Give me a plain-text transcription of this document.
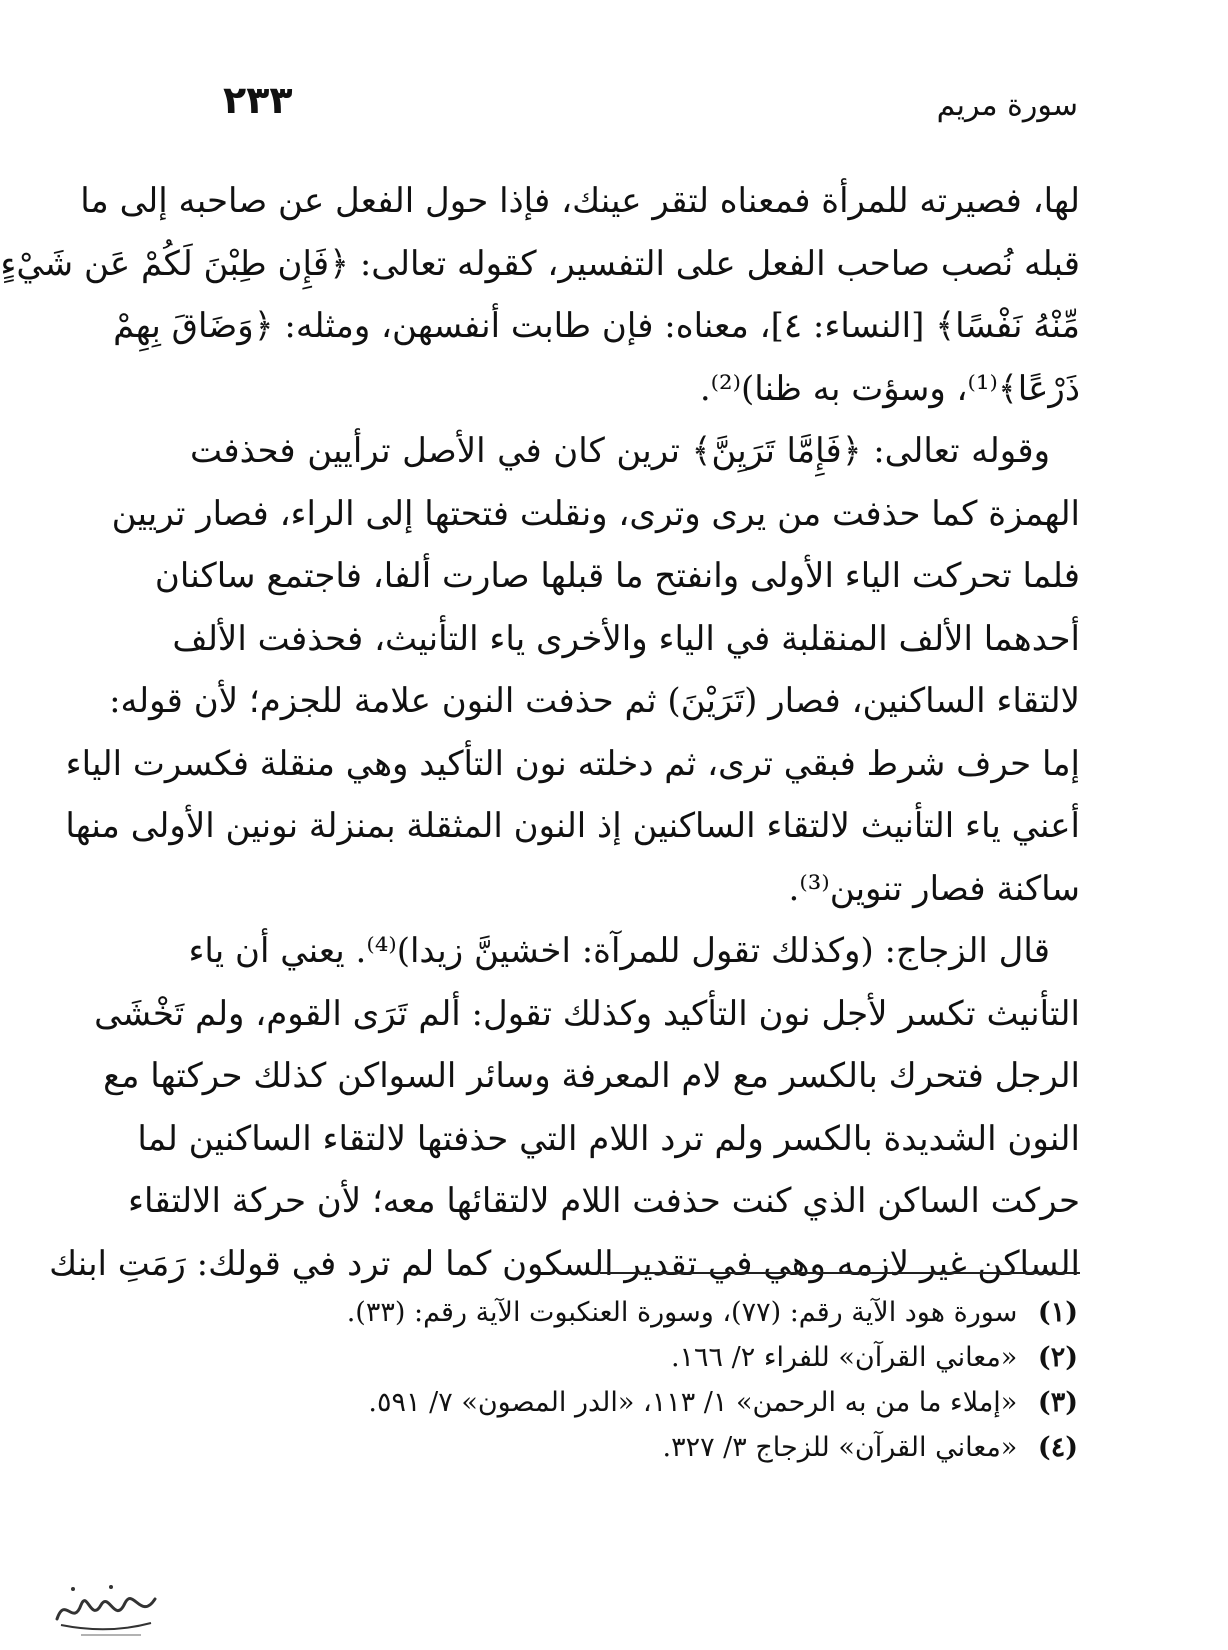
سورة مريم
٢٣٣
لها، فصيرته للمرأة فمعناه لتقر عينك، فإذا حول الفعل عن صاحبه إلى ما
قبله نُصب صاحب الفعل على التفسير، كقوله تعالى: ﴿فَإِن طِبْنَ لَكُمْ عَن شَيْءٍ
مِّنْهُ نَفْسًا﴾ [النساء: ٤]، معناه: فإن طابت أنفسهن، ومثله: ﴿وَضَاقَ بِهِمْ
ذَرْعًا﴾⁽¹⁾، وسؤت به ظنا)⁽²⁾.
وقوله تعالى: ﴿فَإِمَّا تَرَيِنَّ﴾ ترين كان في الأصل ترأيين فحذفت
الهمزة كما حذفت من يرى وترى، ونقلت فتحتها إلى الراء، فصار تريين
فلما تحركت الياء الأولى وانفتح ما قبلها صارت ألفا، فاجتمع ساكنان
أحدهما الألف المنقلبة في الياء والأخرى ياء التأنيث، فحذفت الألف
لالتقاء الساكنين، فصار (تَرَيْنَ) ثم حذفت النون علامة للجزم؛ لأن قوله:
إما حرف شرط فبقي ترى، ثم دخلته نون التأكيد وهي منقلة فكسرت الياء
أعني ياء التأنيث لالتقاء الساكنين إذ النون المثقلة بمنزلة نونين الأولى منها
ساكنة فصار تنوين⁽³⁾.
قال الزجاج: (وكذلك تقول للمرآة: اخشينَّ زيدا)⁽⁴⁾. يعني أن ياء
التأنيث تكسر لأجل نون التأكيد وكذلك تقول: ألم تَرَى القوم، ولم تَخْشَى
الرجل فتحرك بالكسر مع لام المعرفة وسائر السواكن كذلك حركتها مع
النون الشديدة بالكسر ولم ترد اللام التي حذفتها لالتقاء الساكنين لما
حركت الساكن الذي كنت حذفت اللام لالتقائها معه؛ لأن حركة الالتقاء
الساكن غير لازمه وهي في تقدير السكون كما لم ترد في قولك: رَمَتِ ابنك
(١) سورة هود الآية رقم: (٧٧)، وسورة العنكبوت الآية رقم: (٣٣).
(٢) «معاني القرآن» للفراء ٢/ ١٦٦.
(٣) «إملاء ما من به الرحمن» ١/ ١١٣، «الدر المصون» ٧/ ٥٩١.
(٤) «معاني القرآن» للزجاج ٣/ ٣٢٧.
